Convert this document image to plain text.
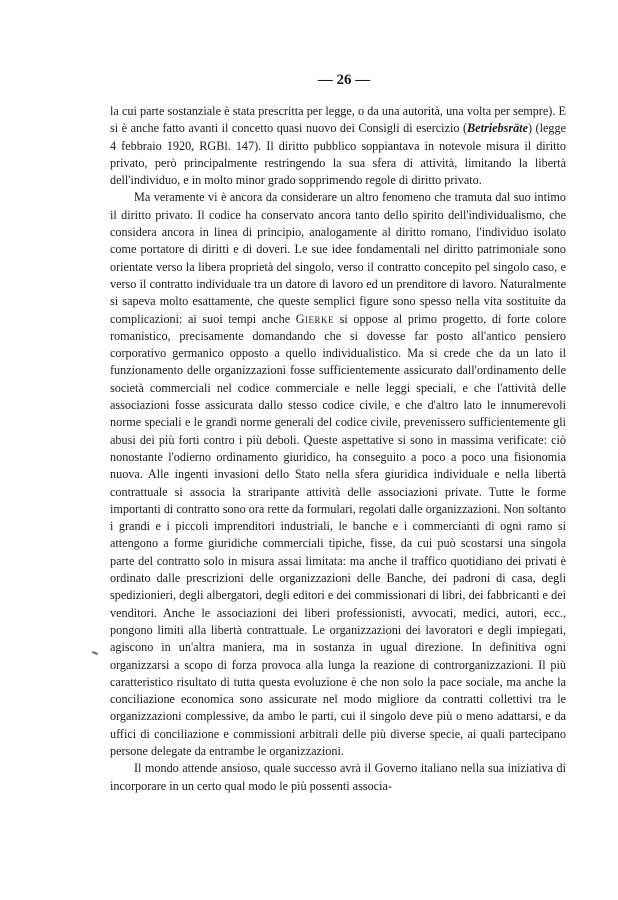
— 26 —

la cui parte sostanziale è stata prescritta per legge, o da una autorità, una volta per sempre). E si è anche fatto avanti il concetto quasi nuovo dei Consigli di esercizio (Betriebsräte) (legge 4 febbraio 1920, RGBl. 147). Il diritto pubblico soppiantava in notevole misura il diritto privato, però principalmente restringendo la sua sfera di attività, limitando la libertà dell'individuo, e in molto minor grado sopprimendo regole di diritto privato.

Ma veramente vi è ancora da considerare un altro fenomeno che tramuta dal suo intimo il diritto privato. Il codice ha conservato ancora tanto dello spirito dell'individualismo, che considera ancora in linea di principio, analogamente al diritto romano, l'individuo isolato come portatore di diritti e di doveri. Le sue idee fondamentali nel diritto patrimoniale sono orientate verso la libera proprietà del singolo, verso il contratto concepito pel singolo caso, e verso il contratto individuale tra un datore di lavoro ed un prenditore di lavoro. Naturalmente si sapeva molto esattamente, che queste semplici figure sono spesso nella vita sostituite da complicazioni: ai suoi tempi anche Gierke si oppose al primo progetto, di forte colore romanistico, precisamente domandando che si dovesse far posto all'antico pensiero corporativo germanico opposto a quello individualistico. Ma si crede che da un lato il funzionamento delle organizzazioni fosse sufficientemente assicurato dall'ordinamento delle società commerciali nel codice commerciale e nelle leggi speciali, e che l'attività delle associazioni fosse assicurata dallo stesso codice civile, e che d'altro lato le innumerevoli norme speciali e le grandi norme generali del codice civile, prevenissero sufficientemente gli abusi dei più forti contro i più deboli. Queste aspettative si sono in massima verificate: ciò nonostante l'odierno ordinamento giuridico, ha conseguito a poco a poco una fisionomia nuova. Alle ingenti invasioni dello Stato nella sfera giuridica individuale e nella libertà contrattuale si associa la straripante attività delle associazioni private. Tutte le forme importanti di contratto sono ora rette da formulari, regolati dalle organizzazioni. Non soltanto i grandi e i piccoli imprenditori industriali, le banche e i commercianti di ogni ramo si attengono a forme giuridiche commerciali tipiche, fisse, da cui può scostarsi una singola parte del contratto solo in misura assai limitata: ma anche il traffico quotidiano dei privati è ordinato dalle prescrizioni delle organizzazioni delle Banche, dei padroni di casa, degli spedizionieri, degli albergatori, degli editori e dei commissionari di libri, dei fabbricanti e dei venditori. Anche le associazioni dei liberi professionisti, avvocati, medici, autori, ecc., pongono limiti alla libertà contrattuale. Le organizzazioni dei lavoratori e degli impiegati, agiscono in un'altra maniera, ma in sostanza in ugual direzione. In definitiva ogni organizzarsi a scopo di forza provoca alla lunga la reazione di controrganizzazioni. Il più caratteristico risultato di tutta questa evoluzione è che non solo la pace sociale, ma anche la conciliazione economica sono assicurate nel modo migliore da contratti collettivi tra le organizzazioni complessive, da ambo le parti, cui il singolo deve più o meno adattarsi, e da uffici di conciliazione e commissioni arbitrali delle più diverse specie, ai quali partecipano persone delegate da entrambe le organizzazioni.

Il mondo attende ansioso, quale successo avrà il Governo italiano nella sua iniziativa di incorporare in un certo qual modo le più possenti associa-
